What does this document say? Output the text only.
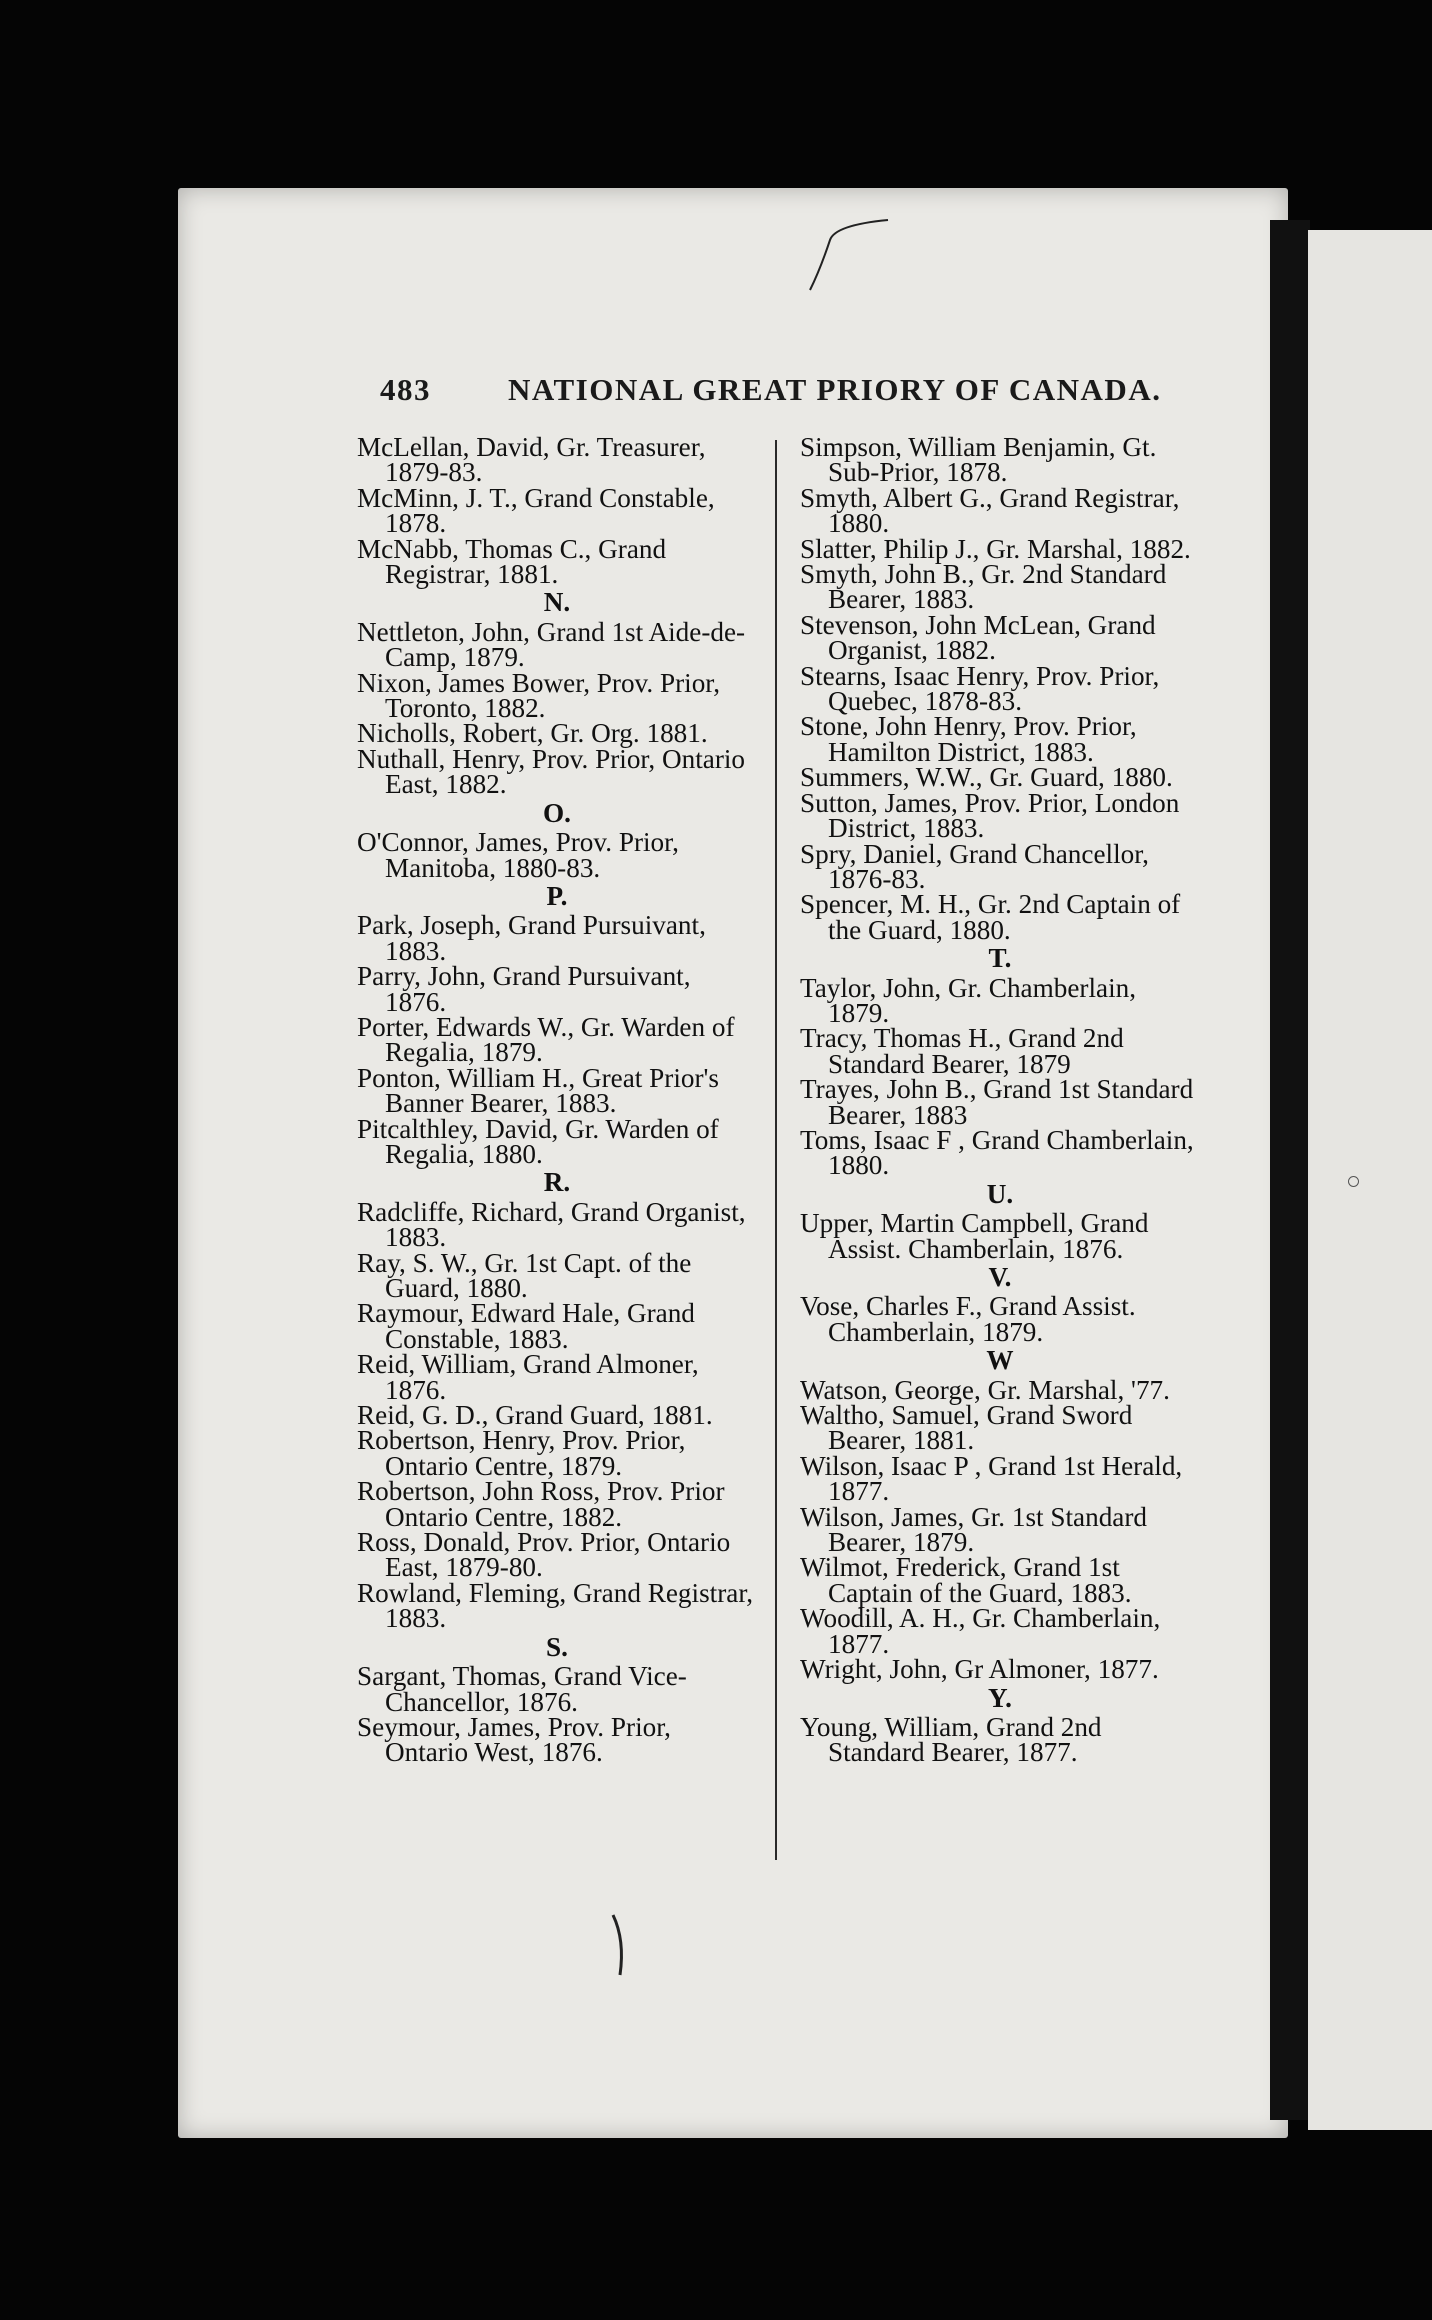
483 NATIONAL GREAT PRIORY OF CANADA.

McLellan, David, Gr. Treasurer, 1879-83.

McMinn, J. T., Grand Constable, 1878.

McNabb, Thomas C., Grand Registrar, 1881.

N.

Nettleton, John, Grand 1st Aide-de-Camp, 1879.

Nixon, James Bower, Prov. Prior, Toronto, 1882.

Nicholls, Robert, Gr. Org. 1881.

Nuthall, Henry, Prov. Prior, Ontario East, 1882.

O.

O'Connor, James, Prov. Prior, Manitoba, 1880-83.

P.

Park, Joseph, Grand Pursuivant, 1883.

Parry, John, Grand Pursuivant, 1876.

Porter, Edwards W., Gr. Warden of Regalia, 1879.

Ponton, William H., Great Prior's Banner Bearer, 1883.

Pitcalthley, David, Gr. Warden of Regalia, 1880.

R.

Radcliffe, Richard, Grand Organist, 1883.

Ray, S. W., Gr. 1st Capt. of the Guard, 1880.

Raymour, Edward Hale, Grand Constable, 1883.

Reid, William, Grand Almoner, 1876.

Reid, G. D., Grand Guard, 1881.

Robertson, Henry, Prov. Prior, Ontario Centre, 1879.

Robertson, John Ross, Prov. Prior Ontario Centre, 1882.

Ross, Donald, Prov. Prior, Ontario East, 1879-80.

Rowland, Fleming, Grand Registrar, 1883.

S.

Sargant, Thomas, Grand Vice-Chancellor, 1876.

Seymour, James, Prov. Prior, Ontario West, 1876.

Simpson, William Benjamin, Gt. Sub-Prior, 1878.

Smyth, Albert G., Grand Registrar, 1880.

Slatter, Philip J., Gr. Marshal, 1882.

Smyth, John B., Gr. 2nd Standard Bearer, 1883.

Stevenson, John McLean, Grand Organist, 1882.

Stearns, Isaac Henry, Prov. Prior, Quebec, 1878-83.

Stone, John Henry, Prov. Prior, Hamilton District, 1883.

Summers, W.W., Gr. Guard, 1880.

Sutton, James, Prov. Prior, London District, 1883.

Spry, Daniel, Grand Chancellor, 1876-83.

Spencer, M. H., Gr. 2nd Captain of the Guard, 1880.

T.

Taylor, John, Gr. Chamberlain, 1879.

Tracy, Thomas H., Grand 2nd Standard Bearer, 1879

Trayes, John B., Grand 1st Standard Bearer, 1883

Toms, Isaac F , Grand Chamberlain, 1880.

U.

Upper, Martin Campbell, Grand Assist. Chamberlain, 1876.

V.

Vose, Charles F., Grand Assist. Chamberlain, 1879.

W

Watson, George, Gr. Marshal, '77.

Waltho, Samuel, Grand Sword Bearer, 1881.

Wilson, Isaac P , Grand 1st Herald, 1877.

Wilson, James, Gr. 1st Standard Bearer, 1879.

Wilmot, Frederick, Grand 1st Captain of the Guard, 1883.

Woodill, A. H., Gr. Chamberlain, 1877.

Wright, John, Gr Almoner, 1877.

Y.

Young, William, Grand 2nd Standard Bearer, 1877.
